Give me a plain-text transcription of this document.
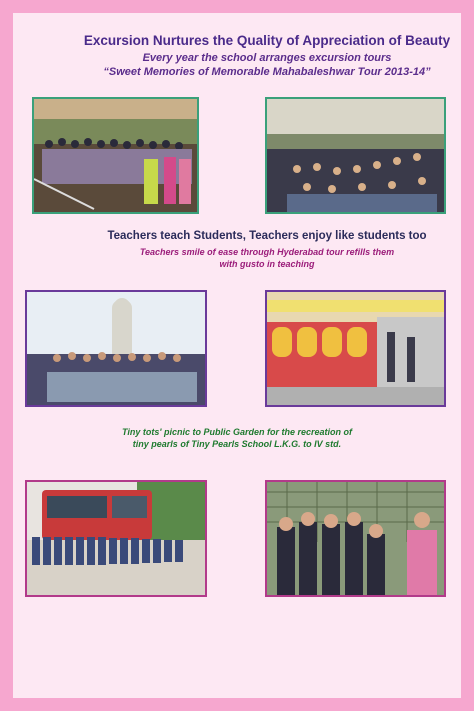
Excursion Nurtures the Quality of Appreciation of Beauty
Every year the school arranges excursion tours
“Sweet Memories of Memorable Mahabaleshwar Tour 2013-14”
Teachers teach Students, Teachers enjoy like students too
Teachers smile of ease through Hyderabad tour refills them
with gusto in teaching
Tiny tots' picnic to Public Garden for the recreation of
tiny pearls of Tiny Pearls School L.K.G. to IV std.
